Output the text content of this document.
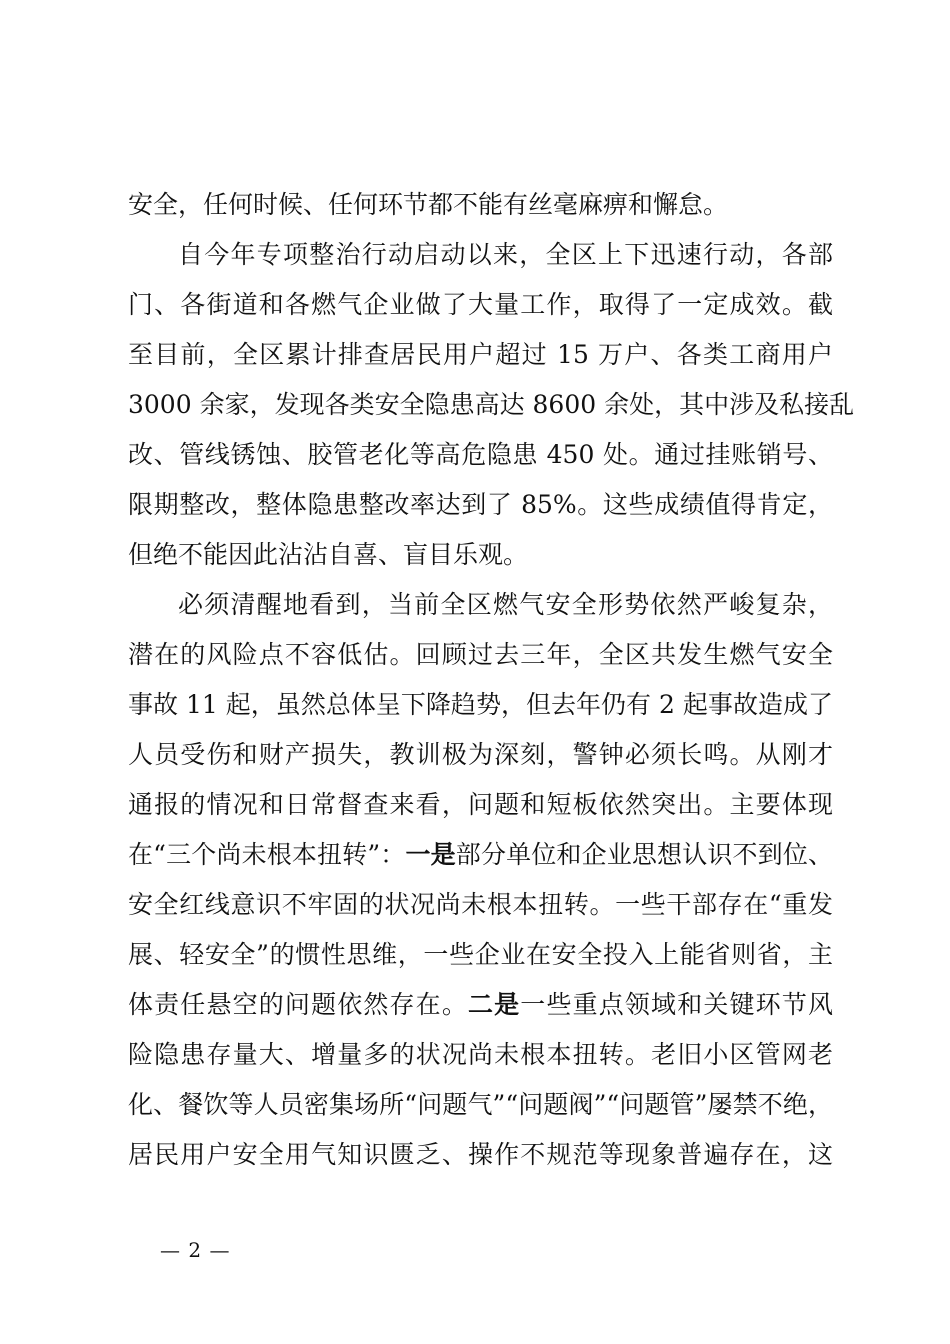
安全，任何时候、任何环节都不能有丝毫麻痹和懈怠。
自今年专项整治行动启动以来，全区上下迅速行动，各部
门、各街道和各燃气企业做了大量工作，取得了一定成效。截
至目前，全区累计排查居民用户超过 15 万户、各类工商用户
3000 余家，发现各类安全隐患高达 8600 余处，其中涉及私接乱
改、管线锈蚀、胶管老化等高危隐患 450 处。通过挂账销号、
限期整改，整体隐患整改率达到了 85%。这些成绩值得肯定，
但绝不能因此沾沾自喜、盲目乐观。
必须清醒地看到，当前全区燃气安全形势依然严峻复杂，
潜在的风险点不容低估。回顾过去三年，全区共发生燃气安全
事故 11 起，虽然总体呈下降趋势，但去年仍有 2 起事故造成了
人员受伤和财产损失，教训极为深刻，警钟必须长鸣。从刚才
通报的情况和日常督查来看，问题和短板依然突出。主要体现
在“三个尚未根本扭转”：一是部分单位和企业思想认识不到位、
安全红线意识不牢固的状况尚未根本扭转。一些干部存在“重发
展、轻安全”的惯性思维，一些企业在安全投入上能省则省，主
体责任悬空的问题依然存在。二是一些重点领域和关键环节风
险隐患存量大、增量多的状况尚未根本扭转。老旧小区管网老
化、餐饮等人员密集场所“问题气”“问题阀”“问题管”屡禁不绝，
居民用户安全用气知识匮乏、操作不规范等现象普遍存在，这
— 2 —
